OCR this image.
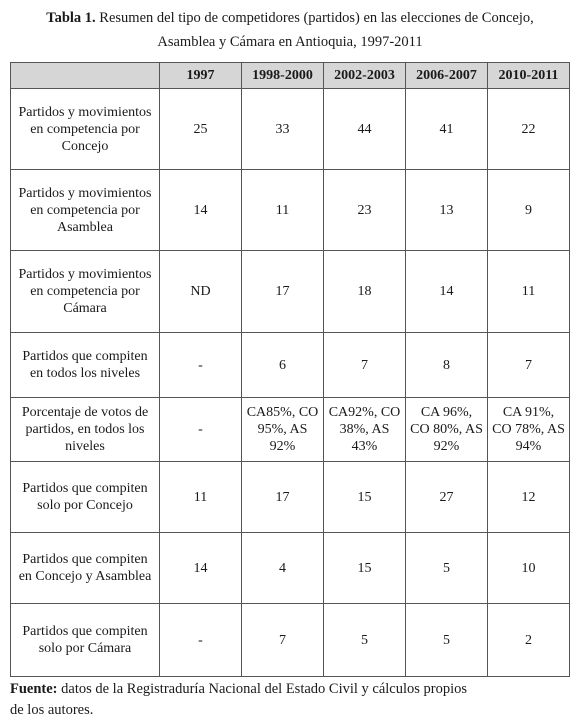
Tabla 1. Resumen del tipo de competidores (partidos) en las elecciones de Concejo, Asamblea y Cámara en Antioquia, 1997-2011
	1997	1998-2000	2002-2003	2006-2007	2010-2011
Partidos y movimientos en competencia por Concejo	25	33	44	41	22
Partidos y movimientos en competencia por Asamblea	14	11	23	13	9
Partidos y movimientos en competencia por Cámara	ND	17	18	14	11
Partidos que compiten en todos los niveles	-	6	7	8	7
Porcentaje de votos de partidos, en todos los niveles	-	CA85%, CO 95%, AS 92%	CA92%, CO 38%, AS 43%	CA 96%, CO 80%, AS 92%	CA 91%, CO 78%, AS 94%
Partidos que compiten solo por Concejo	11	17	15	27	12
Partidos que compiten en Concejo y Asamblea	14	4	15	5	10
Partidos que compiten solo por Cámara	-	7	5	5	2
Fuente: datos de la Registraduría Nacional del Estado Civil y cálculos propios de los autores.
